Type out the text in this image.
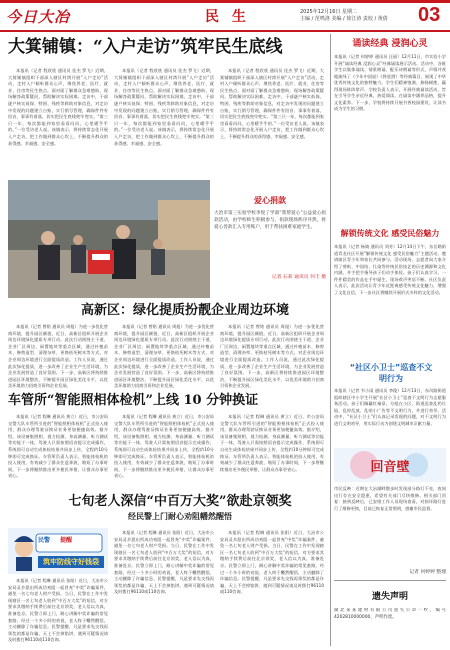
今日大冶	民 生	2025年12月16日 星期二
主编 / 范鸣洛 美编 / 徐江涛 责校 / 黄倩 03
大箕铺镇：“入户走访”筑牢民生底线

本报讯（记者 程欣欣 通讯员 佳杰 罗飞）近期，大箕铺镇组织干部深入辖区村湾开展“入户走访”活动，走村入户倾听群众心声，聚焦养老、医疗、就业、住房等民生热点，面对面了解群众急难愁盼，现场解答政策疑问，帮助解决实际困难。走访中，干部逐户核实低保、特困、残疾等救助对象信息，对走访中发现的问题建立台账，实行销号管理，确保件件有回音、事事有着落，切实把民生底线兜牢兜实。“第三只一年，每次都能到家里看看问问，心里暖乎乎的。”一位受访老人说。该镇表示，将持续常态化开展入户走访，把工作做到群众心坎上，不断提升群众的获得感、幸福感、安全感。

本报讯（记者 程欣欣 通讯员 佳杰 罗飞）近期，大箕铺镇组织干部深入辖区村湾开展“入户走访”活动，走村入户倾听群众心声，聚焦养老、医疗、就业、住房等民生热点，面对面了解群众急难愁盼，现场解答政策疑问，帮助解决实际困难。走访中，干部逐户核实低保、特困、残疾等救助对象信息，对走访中发现的问题建立台账，实行销号管理，确保件件有回音、事事有着落，切实把民生底线兜牢兜实。“第三只一年，每次都能到家里看看问问，心里暖乎乎的。”一位受访老人说。该镇表示，将持续常态化开展入户走访，把工作做到群众心坎上，不断提升群众的获得感、幸福感、安全感。

本报讯（记者 程欣欣 通讯员 佳杰 罗飞）近期，大箕铺镇组织干部深入辖区村湾开展“入户走访”活动，走村入户倾听群众心声，聚焦养老、医疗、就业、住房等民生热点，面对面了解群众急难愁盼，现场解答政策疑问，帮助解决实际困难。走访中，干部逐户核实低保、特困、残疾等救助对象信息，对走访中发现的问题建立台账，实行销号管理，确保件件有回音、事事有着落，切实把民生底线兜牢兜实。“第三只一年，每次都能到家里看看问问，心里暖乎乎的。”一位受访老人说。该镇表示，将持续常态化开展入户走访，把工作做到群众心坎上，不断提升群众的获得感、幸福感、安全感。

爱心捐款
大冶市第三实验学校李悦了学部“我帮爱心”公益爱心捐款活动，由学校师生积极参与，捐款现场秩序井然，将爱心善款汇入专用账户，用于帮扶困难家庭学生。
记者 石莉 通讯员 何丰 摄
高新区：绿化提质扮靓企业周边环境

本报讯（记者 曾铭 通讯员 周旭）为进一步优化营商环境，提升园区颜值，近日，高新区组织开展企业周边环境绿化提质专项行动。此次行动围绕主干道、企业厂区周边、闲置地块等重点区域，通过补植苗木、修剪造型、清理杂草、更换枯死树木等方式，对企业周边环境进行全面提质改造。工作人员说，通过此次绿化提质，进一步改善了企业生产生活环境，为企业发展营造了良好氛围。下一步，高新区将持续推进园区环境整治，不断提升园区绿化美化水平，以优美环境助力招商引资和企业发展。

本报讯（记者 曾铭 通讯员 周旭）为进一步优化营商环境，提升园区颜值，近日，高新区组织开展企业周边环境绿化提质专项行动。此次行动围绕主干道、企业厂区周边、闲置地块等重点区域，通过补植苗木、修剪造型、清理杂草、更换枯死树木等方式，对企业周边环境进行全面提质改造。工作人员说，通过此次绿化提质，进一步改善了企业生产生活环境，为企业发展营造了良好氛围。下一步，高新区将持续推进园区环境整治，不断提升园区绿化美化水平，以优美环境助力招商引资和企业发展。

本报讯（记者 曾铭 通讯员 周旭）为进一步优化营商环境，提升园区颜值，近日，高新区组织开展企业周边环境绿化提质专项行动。此次行动围绕主干道、企业厂区周边、闲置地块等重点区域，通过补植苗木、修剪造型、清理杂草、更换枯死树木等方式，对企业周边环境进行全面提质改造。工作人员说，通过此次绿化提质，进一步改善了企业生产生活环境，为企业发展营造了良好氛围。下一步，高新区将持续推进园区环境整治，不断提升园区绿化美化水平，以优美环境助力招商引资和企业发展。

车管所“智能照相体检机”上线 10 分钟换证

本报讯（记者 程琳 通讯员 黄立）近日，市公安局交警大队车管所引进的“智能照相体检机”正式投入使用，群众办理驾驶证换证业务更加便捷高效。据介绍，该设备集照相、视力检测、身高测量、听力测试等功能于一体，驾驶人只需按照语音提示完成操作，系统即可自动生成体检结果并同步上传，全程约10分钟即可完成换证。车管所负责人表示，智能体检机的投入使用，有效减少了群众往返奔波，缩短了办事时间，下一步将继续推出更多便民举措，让群众办事更省心。

本报讯（记者 程琳 通讯员 黄立）近日，市公安局交警大队车管所引进的“智能照相体检机”正式投入使用，群众办理驾驶证换证业务更加便捷高效。据介绍，该设备集照相、视力检测、身高测量、听力测试等功能于一体，驾驶人只需按照语音提示完成操作，系统即可自动生成体检结果并同步上传，全程约10分钟即可完成换证。车管所负责人表示，智能体检机的投入使用，有效减少了群众往返奔波，缩短了办事时间，下一步将继续推出更多便民举措，让群众办事更省心。

本报讯（记者 程琳 通讯员 黄立）近日，市公安局交警大队车管所引进的“智能照相体检机”正式投入使用，群众办理驾驶证换证业务更加便捷高效。据介绍，该设备集照相、视力检测、身高测量、听力测试等功能于一体，驾驶人只需按照语音提示完成操作，系统即可自动生成体检结果并同步上传，全程约10分钟即可完成换证。车管所负责人表示，智能体检机的投入使用，有效减少了群众往返奔波，缩短了办事时间，下一步将继续推出更多便民举措，让群众办事更省心。

七旬老人深信“中百万大奖”欲赴京领奖
经民警上门耐心劝阻幡然醒悟
民警 提醒
筑牢防线守好钱袋

本报讯（记者 程琳 通讯员 张阳）近日，大冶市公安局灵乡派出所成功劝阻一起冒充“中奖”诈骗案件，避免一名七旬老人财产受损。当日，民警在工作中发现辖区一名七旬老人收到“中百万大奖”的短信，对方要求其缴纳手续费后前往北京领奖，老人信以为真，准备赴京。民警立即上门，耐心讲解中奖诈骗的常见套路，经过一个多小时的劝说，老人终于幡然醒悟，主动删除了诈骗信息。民警提醒，凡是要求先交钱再领奖的都是诈骗，天上不会掉馅饼，遇到可疑情况请及时拨打96110或110咨询。

本报讯（记者 程琳 通讯员 张阳）近日，大冶市公安局灵乡派出所成功劝阻一起冒充“中奖”诈骗案件，避免一名七旬老人财产受损。当日，民警在工作中发现辖区一名七旬老人收到“中百万大奖”的短信，对方要求其缴纳手续费后前往北京领奖，老人信以为真，准备赴京。民警立即上门，耐心讲解中奖诈骗的常见套路，经过一个多小时的劝说，老人终于幡然醒悟，主动删除了诈骗信息。民警提醒，凡是要求先交钱再领奖的都是诈骗，天上不会掉馅饼，遇到可疑情况请及时拨打96110或110咨询。

本报讯（记者 程琳 通讯员 张阳）近日，大冶市公安局灵乡派出所成功劝阻一起冒充“中奖”诈骗案件，避免一名七旬老人财产受损。当日，民警在工作中发现辖区一名七旬老人收到“中百万大奖”的短信，对方要求其缴纳手续费后前往北京领奖，老人信以为真，准备赴京。民警立即上门，耐心讲解中奖诈骗的常见套路，经过一个多小时的劝说，老人终于幡然醒悟，主动删除了诈骗信息。民警提醒，凡是要求先交钱再领奖的都是诈骗，天上不会掉馅饼，遇到可疑情况请及时拨打96110或110咨询。

诵读经典 浸润心灵
本报讯（记者 何婷婷 通讯员 汪丽）12月11日，市实验小学开展“诵读经典 浸润心灵”经典诵读展示活动。活动中，各班学生以集体诵读、情景朗诵、配乐诗朗诵等形式，声情并茂地演绎了《少年中国说》《将进酒》等经典篇目，展现了中华优秀传统文化的独特魅力。学生们精神饱满、抑扬顿挫，赢得现场阵阵掌声。学校负责人表示，开展经典诵读活动，旨在引导学生亲近经典、热爱阅读，在诵读中涵养品格，提升文化素养。下一步，学校将持续开展书香校园建设，让读书成为学生的习惯。
解锁传统文化 感受民俗魅力
本报讯（记者 杨婧 通讯员 刘芳）12月14日下午，东岳路街道青龙社区开展“解锁传统文化 感受民俗魅力”主题活动，邀请辖区青少年和家长共同参与。活动现场，志愿者向大家介绍了剪纸、中国结、扎染等传统民俗技艺的历史渊源和文化内涵，并手把手指导孩子们动手体验。孩子们认真学习，一件件精美的作品在手中诞生，现场欢声笑语不断。社区负责人表示，此次活动让青少年近距离感受传统文化魅力，增强了文化自信，下一步社区将继续开展形式多样的文化活动。
“社区小卫士”巡查不文明行为
本报讯（记者 韦小雨 通讯员 李俊）12月13日，东风路街道组织辖区中小学生开展“社区小卫士”巡查不文明行为志愿服务活动。孩子们佩戴红袖章，分组在小区、街道巡查乱扔垃圾、乱停乱放、乱贴小广告等不文明行为，并进行劝导。活动中，“社区小卫士”们认真记录发现的问题，对不文明行为进行文明劝导，用实际行动为创建文明城市贡献力量。
回音壁
市民反映：近期在大冶湖畔散步时发现部分路灯不亮，夜间出行存在安全隐患，希望有关部门尽快维修。相关部门回复：接到反映后，已安排工作人员现场查看，对损坏路灯进行了维修更换，目前已恢复正常照明，感谢市民监督。
记者 何婷婷 整理
遗失声明
湖北某某建材有限公司遗失公章一枚，编号4202810000000，声明作废。
